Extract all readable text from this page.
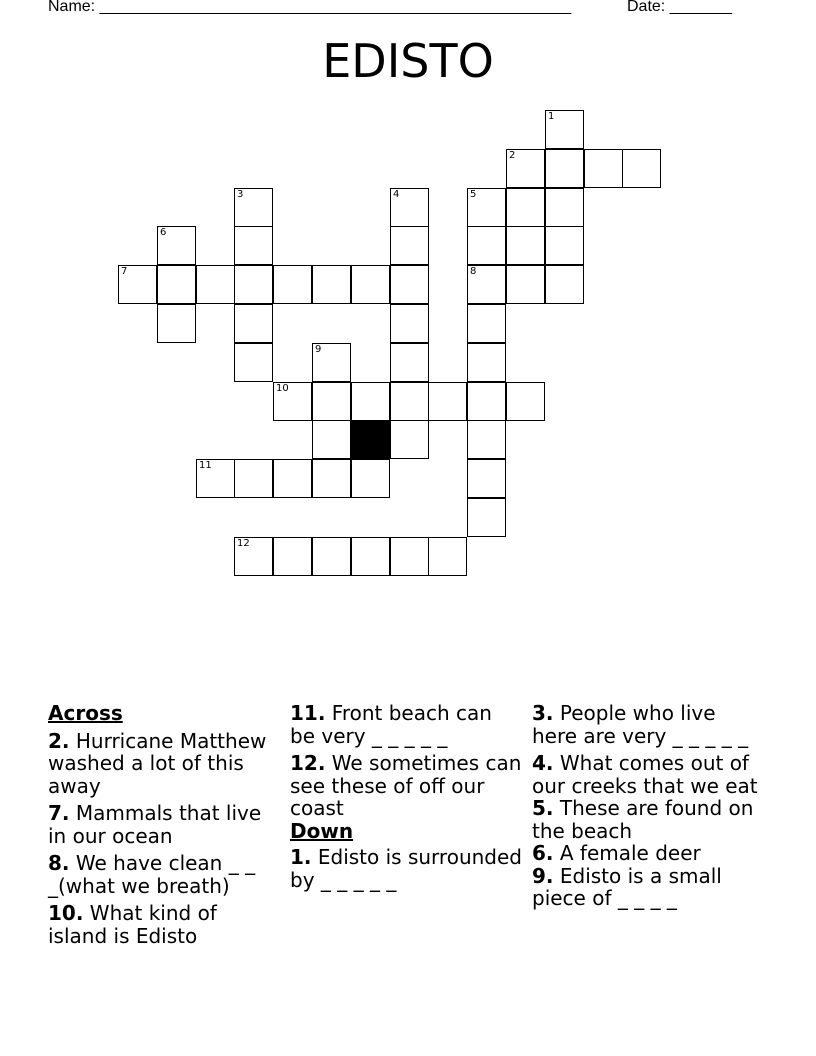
Name: _____________________________________________________	Date: _______
EDISTO
1
2
3	4	5
6
7	8
9
10
11
12
Across
2. Hurricane Matthew washed a lot of this away
7. Mammals that live in our ocean
8. We have clean _ _ _(what we breath)
10. What kind of island is Edisto
11. Front beach can be very _ _ _ _ _
12. We sometimes can see these of off our coast
Down
1. Edisto is surrounded by _ _ _ _ _
3. People who live here are very _ _ _ _ _
4. What comes out of our creeks that we eat
5. These are found on the beach
6. A female deer
9. Edisto is a small piece of _ _ _ _
